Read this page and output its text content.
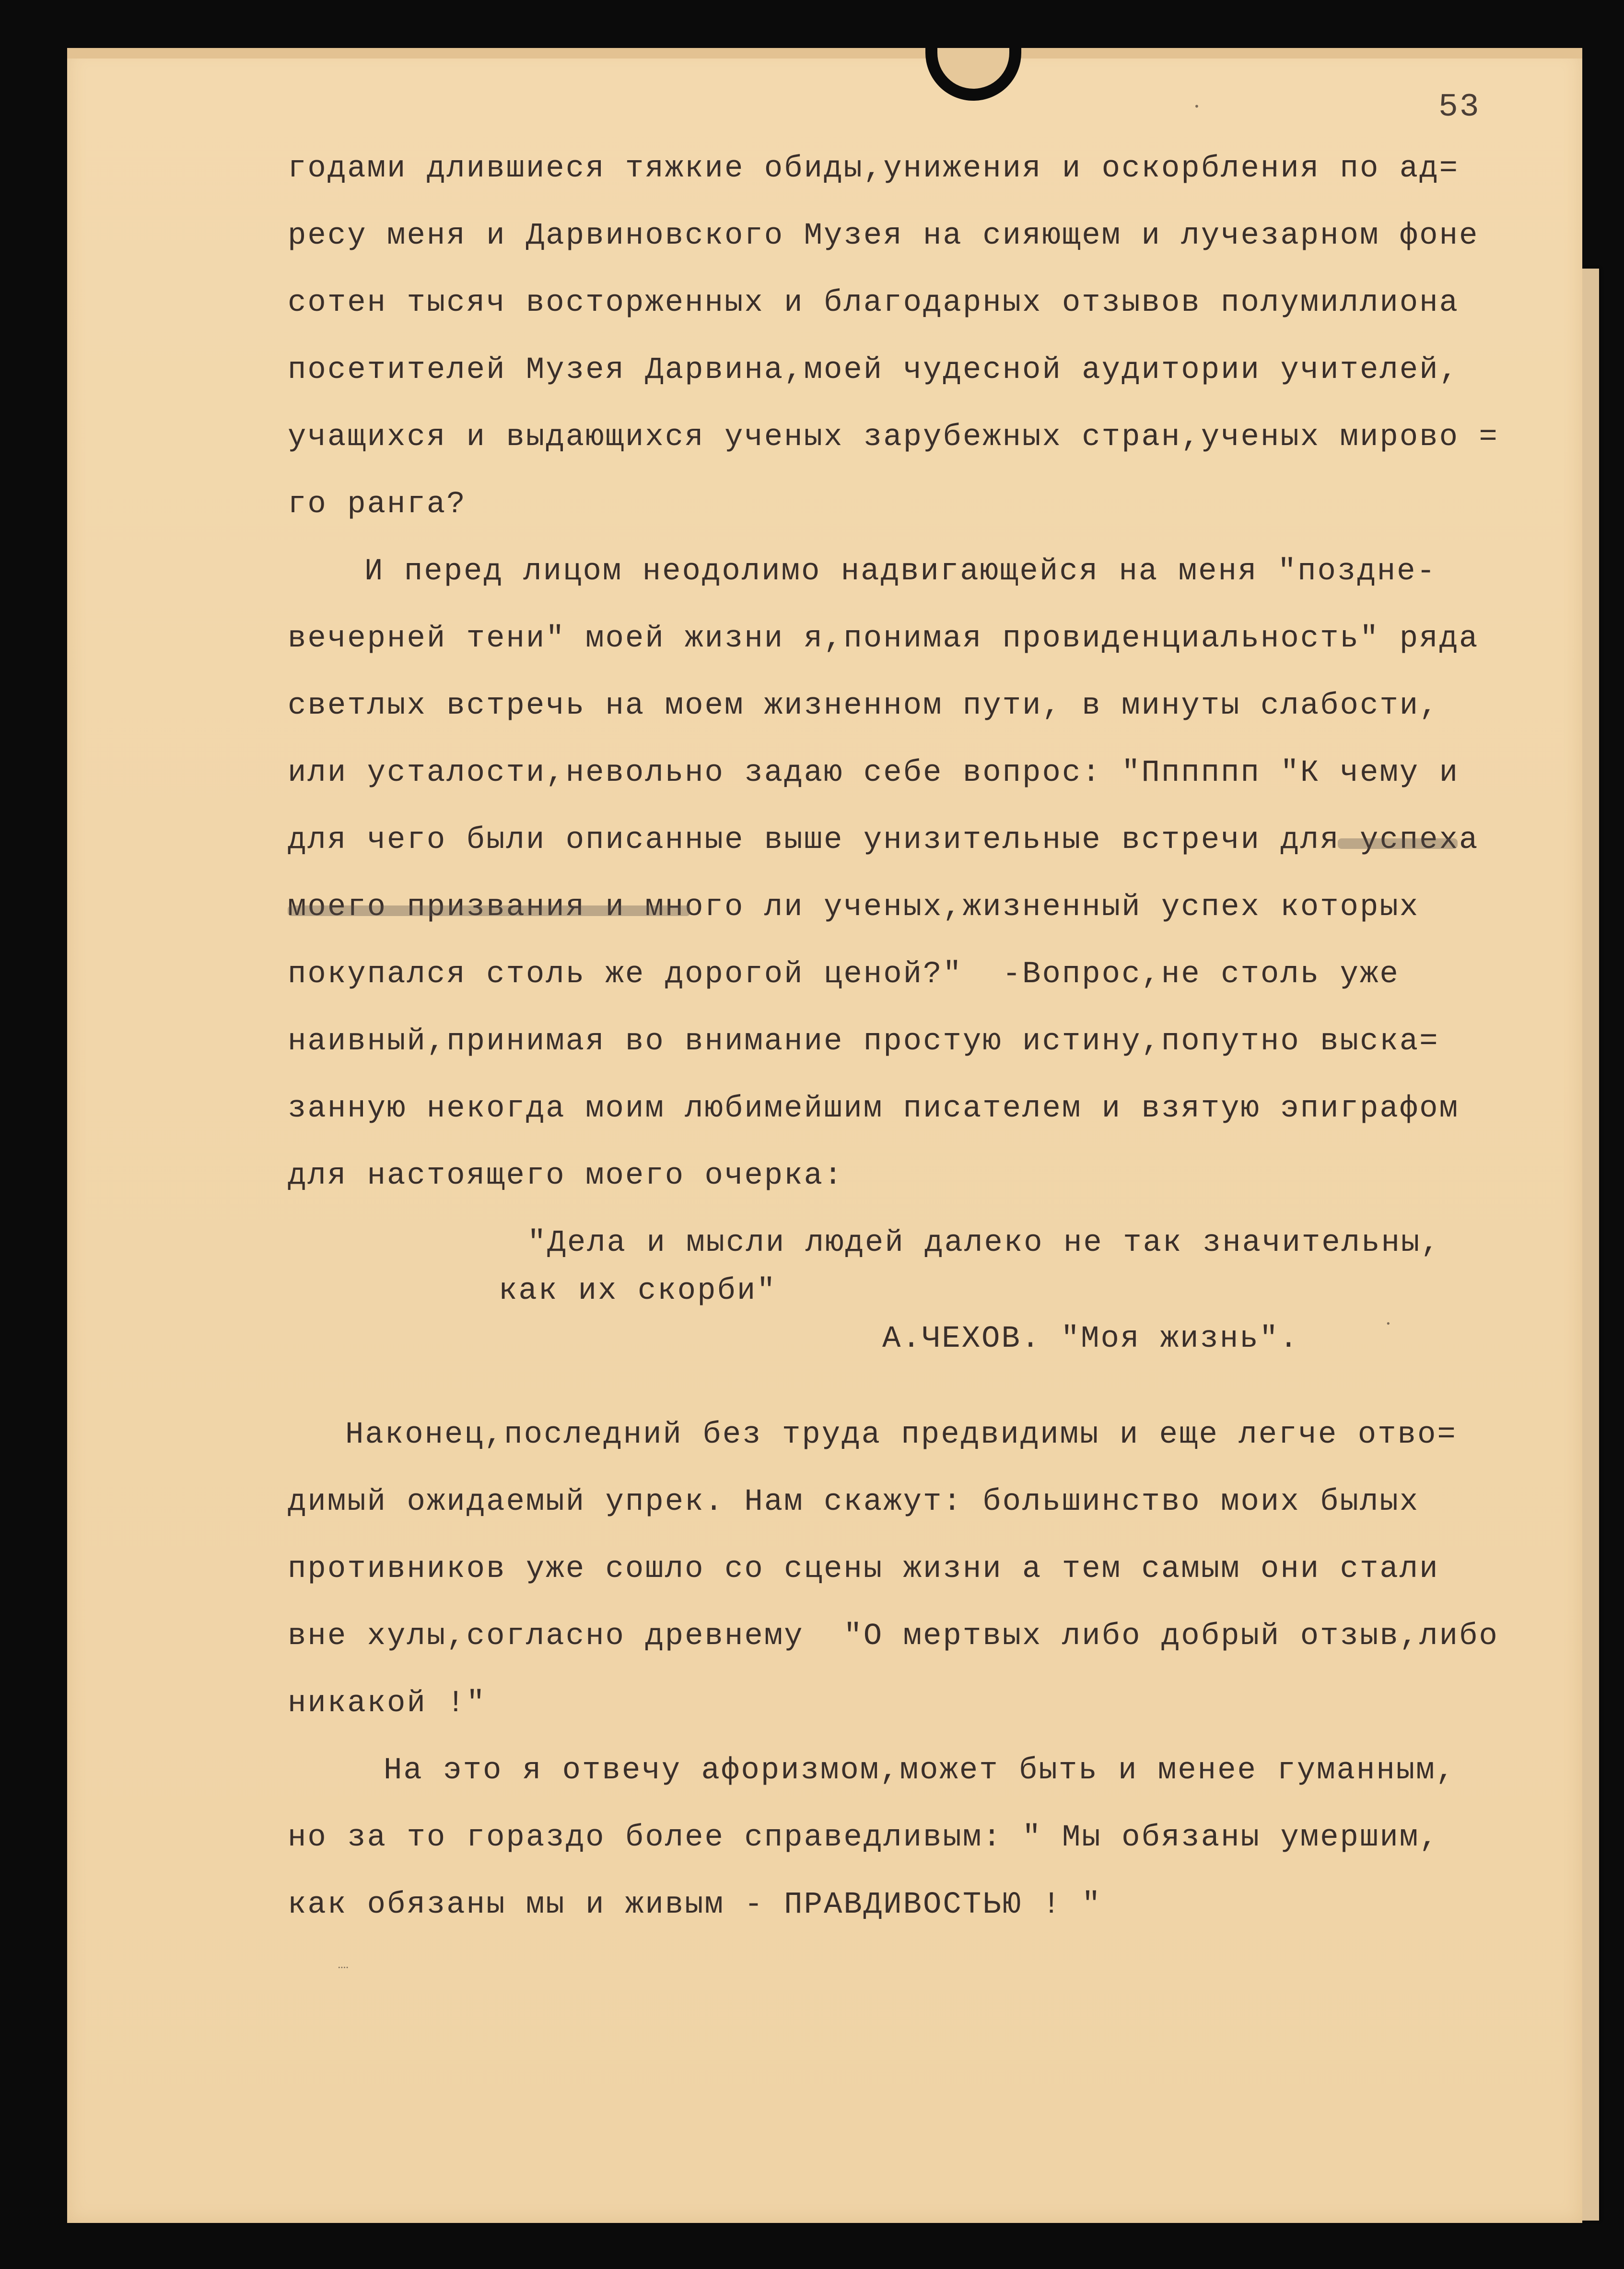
53
годами длившиеся тяжкие обиды,унижения и оскорбления по ад=
ресу меня и Дарвиновского Музея на сияющем и лучезарном фоне
сотен тысяч восторженных и благодарных отзывов полумиллиона
посетителей Музея Дарвина,моей чудесной аудитории учителей,
учащихся и выдающихся ученых зарубежных стран,ученых мирово =
го ранга?
И перед лицом неодолимо надвигающейся на меня "поздне-
вечерней тени" моей жизни я,понимая провиденциальность" ряда
светлых встречь на моем жизненном пути, в минуты слабости,
или усталости,невольно задаю себе вопрос: "Пппппп "К чему и
для чего были описанные выше унизительные встречи для успеха
моего призвания и много ли ученых,жизненный успех которых
покупался столь же дорогой ценой?"  -Вопрос,не столь уже
наивный,принимая во внимание простую истину,попутно выска=
занную некогда моим любимейшим писателем и взятую эпиграфом
для настоящего моего очерка:
"Дела и мысли людей далеко не так значительны,
как их скорби"
А.ЧЕХОВ. "Моя жизнь".
Наконец,последний без труда предвидимы и еще легче отво=
димый ожидаемый упрек. Нам скажут: большинство моих былых
противников уже сошло со сцены жизни а тем самым они стали
вне хулы,согласно древнему  "О мертвых либо добрый отзыв,либо
никакой !"
На это я отвечу афоризмом,может быть и менее гуманным,
но за то гораздо более справедливым: " Мы обязаны умершим,
как обязаны мы и живым - ПРАВДИВОСТЬЮ ! "
•
•
᠁
